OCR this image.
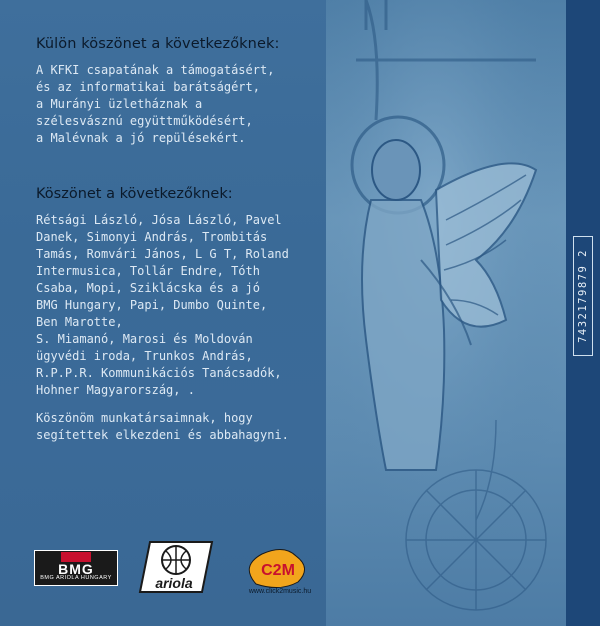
7432179879 2
Külön köszönet a következőknek:
A KFKI csapatának a támogatásért,
és az informatikai barátságért,
a Murányi üzletháznak a
szélesvásznú együttműködésért,
a Malévnak a jó repülésekért.
Köszönet a következőknek:
Rétsági László, Jósa László, Pavel
Danek, Simonyi András, Trombitás
Tamás, Romvári János, L G T, Roland
Intermusica, Tollár Endre, Tóth
Csaba, Mopi, Sziklácska és a jó
BMG Hungary, Papi, Dumbo Quinte,
Ben Marotte,
S. Miamanó, Marosi és Moldován
ügyvédi iroda, Trunkos András,
R.P.P.R. Kommunikációs Tanácsadók,
Hohner Magyarország, .
Köszönöm munkatársaimnak, hogy
segítettek elkezdeni és abbahagyni.
BMG
BMG ARIOLA HUNGARY	ariola
C2M
www.click2music.hu
